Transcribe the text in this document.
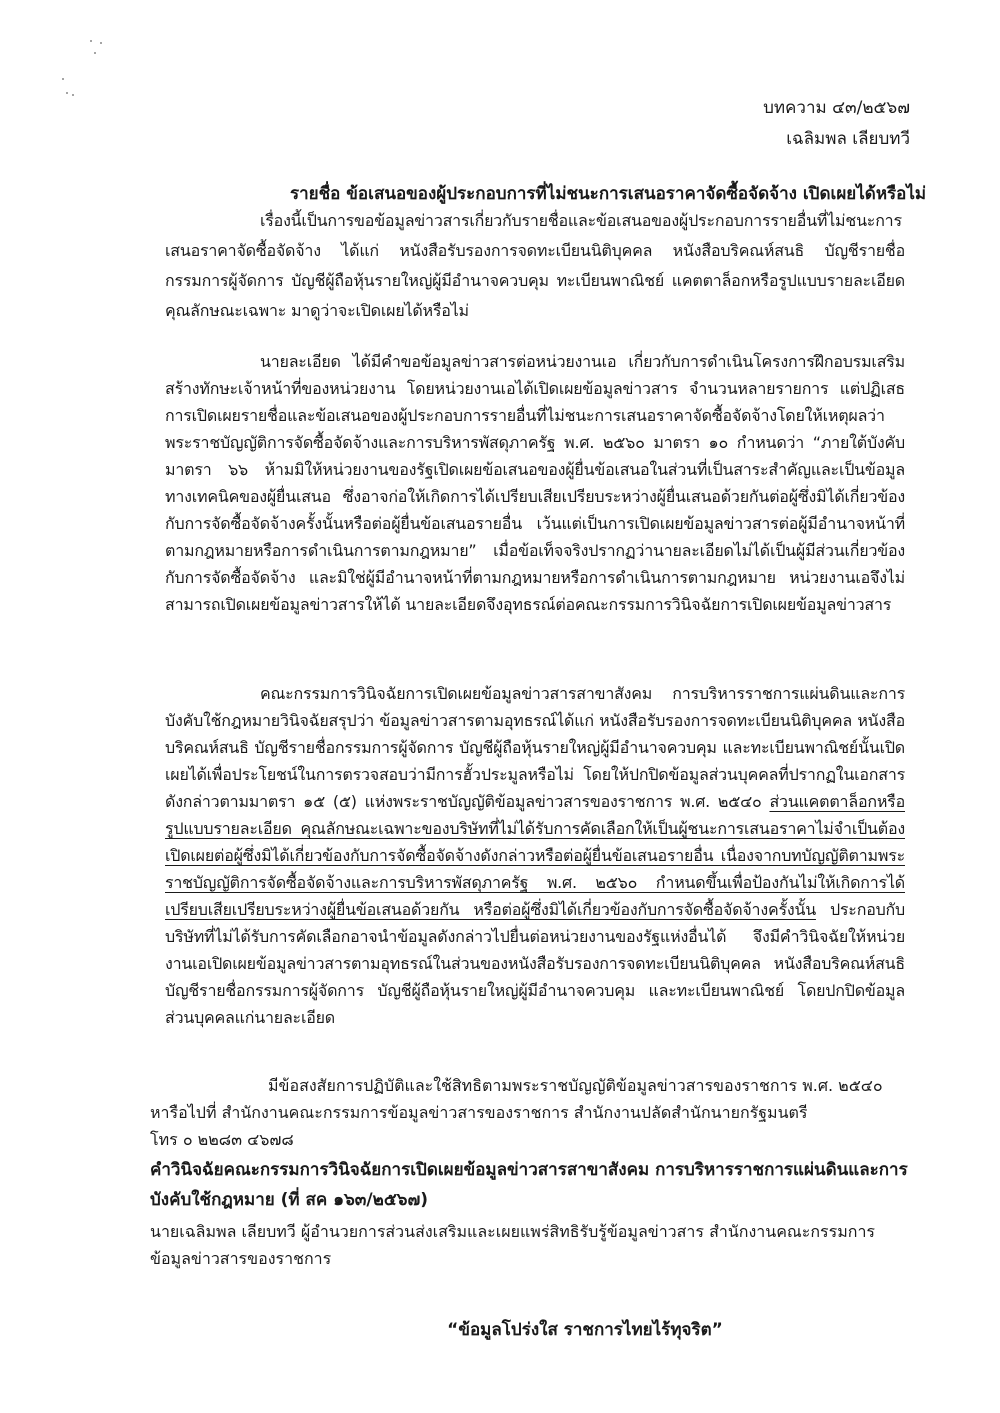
บทความ ๔๓/๒๕๖๗
เฉลิมพล เลียบทวี
รายชื่อ ข้อเสนอของผู้ประกอบการที่ไม่ชนะการเสนอราคาจัดซื้อจัดจ้าง เปิดเผยได้หรือไม่
เรื่องนี้เป็นการขอข้อมูลข่าวสารเกี่ยวกับรายชื่อและข้อเสนอของผู้ประกอบการรายอื่นที่ไม่ชนะการเสนอราคาจัดซื้อจัดจ้าง ได้แก่ หนังสือรับรองการจดทะเบียนนิติบุคคล หนังสือบริคณห์สนธิ บัญชีรายชื่อกรรมการผู้จัดการ บัญชีผู้ถือหุ้นรายใหญ่ผู้มีอำนาจควบคุม ทะเบียนพาณิชย์ แคตตาล็อกหรือรูปแบบรายละเอียดคุณลักษณะเฉพาะ มาดูว่าจะเปิดเผยได้หรือไม่
นายละเอียด ได้มีคำขอข้อมูลข่าวสารต่อหน่วยงานเอ เกี่ยวกับการดำเนินโครงการฝึกอบรมเสริมสร้างทักษะเจ้าหน้าที่ของหน่วยงาน โดยหน่วยงานเอได้เปิดเผยข้อมูลข่าวสาร จำนวนหลายรายการ แต่ปฏิเสธการเปิดเผยรายชื่อและข้อเสนอของผู้ประกอบการรายอื่นที่ไม่ชนะการเสนอราคาจัดซื้อจัดจ้างโดยให้เหตุผลว่า พระราชบัญญัติการจัดซื้อจัดจ้างและการบริหารพัสดุภาครัฐ พ.ศ. ๒๕๖๐ มาตรา ๑๐ กำหนดว่า “ภายใต้บังคับมาตรา ๖๖ ห้ามมิให้หน่วยงานของรัฐเปิดเผยข้อเสนอของผู้ยื่นข้อเสนอในส่วนที่เป็นสาระสำคัญและเป็นข้อมูลทางเทคนิคของผู้ยื่นเสนอ ซึ่งอาจก่อให้เกิดการได้เปรียบเสียเปรียบระหว่างผู้ยื่นเสนอด้วยกันต่อผู้ซึ่งมิได้เกี่ยวข้องกับการจัดซื้อจัดจ้างครั้งนั้นหรือต่อผู้ยื่นข้อเสนอรายอื่น เว้นแต่เป็นการเปิดเผยข้อมูลข่าวสารต่อผู้มีอำนาจหน้าที่ตามกฎหมายหรือการดำเนินการตามกฎหมาย” เมื่อข้อเท็จจริงปรากฏว่านายละเอียดไม่ได้เป็นผู้มีส่วนเกี่ยวข้องกับการจัดซื้อจัดจ้าง และมิใช่ผู้มีอำนาจหน้าที่ตามกฎหมายหรือการดำเนินการตามกฎหมาย หน่วยงานเอจึงไม่สามารถเปิดเผยข้อมูลข่าวสารให้ได้ นายละเอียดจึงอุทธรณ์ต่อคณะกรรมการวินิจฉัยการเปิดเผยข้อมูลข่าวสาร
คณะกรรมการวินิจฉัยการเปิดเผยข้อมูลข่าวสารสาขาสังคม การบริหารราชการแผ่นดินและการบังคับใช้กฎหมายวินิจฉัยสรุปว่า ข้อมูลข่าวสารตามอุทธรณ์ได้แก่ หนังสือรับรองการจดทะเบียนนิติบุคคล หนังสือบริคณห์สนธิ บัญชีรายชื่อกรรมการผู้จัดการ บัญชีผู้ถือหุ้นรายใหญ่ผู้มีอำนาจควบคุม และทะเบียนพาณิชย์นั้นเปิดเผยได้เพื่อประโยชน์ในการตรวจสอบว่ามีการฮั้วประมูลหรือไม่ โดยให้ปกปิดข้อมูลส่วนบุคคลที่ปรากฏในเอกสารดังกล่าวตามมาตรา ๑๕ (๕) แห่งพระราชบัญญัติข้อมูลข่าวสารของราชการ พ.ศ. ๒๕๔๐ ส่วนแคตตาล็อกหรือรูปแบบรายละเอียด คุณลักษณะเฉพาะของบริษัทที่ไม่ได้รับการคัดเลือกให้เป็นผู้ชนะการเสนอราคาไม่จำเป็นต้องเปิดเผยต่อผู้ซึ่งมิได้เกี่ยวข้องกับการจัดซื้อจัดจ้างดังกล่าวหรือต่อผู้ยื่นข้อเสนอรายอื่น เนื่องจากบทบัญญัติตามพระราชบัญญัติการจัดซื้อจัดจ้างและการบริหารพัสดุภาครัฐ พ.ศ. ๒๕๖๐ กำหนดขึ้นเพื่อป้องกันไม่ให้เกิดการได้เปรียบเสียเปรียบระหว่างผู้ยื่นข้อเสนอด้วยกัน หรือต่อผู้ซึ่งมิได้เกี่ยวข้องกับการจัดซื้อจัดจ้างครั้งนั้น ประกอบกับบริษัทที่ไม่ได้รับการคัดเลือกอาจนำข้อมูลดังกล่าวไปยื่นต่อหน่วยงานของรัฐแห่งอื่นได้ จึงมีคำวินิจฉัยให้หน่วยงานเอเปิดเผยข้อมูลข่าวสารตามอุทธรณ์ในส่วนของหนังสือรับรองการจดทะเบียนนิติบุคคล หนังสือบริคณห์สนธิ บัญชีรายชื่อกรรมการผู้จัดการ บัญชีผู้ถือหุ้นรายใหญ่ผู้มีอำนาจควบคุม และทะเบียนพาณิชย์ โดยปกปิดข้อมูลส่วนบุคคลแก่นายละเอียด
มีข้อสงสัยการปฏิบัติและใช้สิทธิตามพระราชบัญญัติข้อมูลข่าวสารของราชการ พ.ศ. ๒๕๔๐
หารือไปที่ สำนักงานคณะกรรมการข้อมูลข่าวสารของราชการ สำนักงานปลัดสำนักนายกรัฐมนตรี
โทร ๐ ๒๒๘๓ ๔๖๗๘
คำวินิจฉัยคณะกรรมการวินิจฉัยการเปิดเผยข้อมูลข่าวสารสาขาสังคม การบริหารราชการแผ่นดินและการบังคับใช้กฎหมาย (ที่ สค ๑๖๓/๒๕๖๗)
นายเฉลิมพล เลียบทวี ผู้อำนวยการส่วนส่งเสริมและเผยแพร่สิทธิรับรู้ข้อมูลข่าวสาร สำนักงานคณะกรรมการข้อมูลข่าวสารของราชการ
“ข้อมูลโปร่งใส ราชการไทยไร้ทุจริต”
